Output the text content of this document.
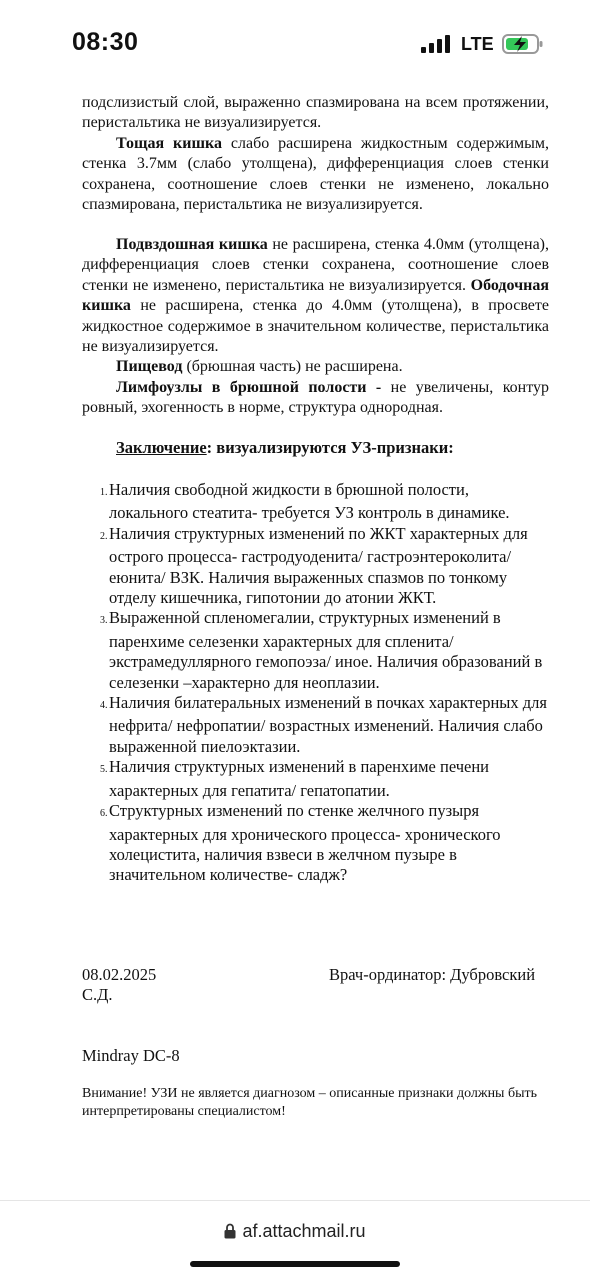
08:30	LTE

подслизистый слой, выраженно спазмирована на всем протяжении, перистальтика не визуализируется.

Тощая кишка слабо расширена жидкостным содержимым, стенка 3.7мм (слабо утолщена), дифференциация слоев стенки сохранена, соотношение слоев стенки не изменено, локально спазмирована, перистальтика не визуализируется.

Подвздошная кишка не расширена, стенка 4.0мм (утолщена), дифференциация слоев стенки сохранена, соотношение слоев стенки не изменено, перистальтика не визуализируется. Ободочная кишка не расширена, стенка до 4.0мм (утолщена), в просвете жидкостное содержимое в значительном количестве, перистальтика не визуализируется.

Пищевод (брюшная часть) не расширена.

Лимфоузлы в брюшной полости - не увеличены, контур ровный, эхогенность в норме, структура однородная.

Заключение: визуализируются УЗ-признаки:
1.Наличия свободной жидкости в брюшной полости, локального стеатита- требуется УЗ контроль в динамике.
2.Наличия структурных изменений по ЖКТ характерных для острого процесса- гастродуоденита/ гастроэнтероколита/ еюнита/ ВЗК. Наличия выраженных спазмов по тонкому отделу кишечника, гипотонии до атонии ЖКТ.
3.Выраженной спленомегалии, структурных изменений в паренхиме селезенки характерных для спленита/ экстрамедуллярного гемопоэза/ иное. Наличия образований в селезенки –характерно для неоплазии.
4.Наличия билатеральных изменений в почках характерных для нефрита/ нефропатии/ возрастных изменений. Наличия слабо выраженной пиелоэктазии.
5.Наличия структурных изменений в паренхиме печени характерных для гепатита/ гепатопатии.
6.Структурных изменений по стенке желчного пузыря характерных для хронического процесса- хронического холецистита, наличия взвеси в желчном пузыре в значительном количестве- сладж?
08.02.2025
С.Д.
Врач-ординатор: Дубровский
Mindray DC-8
Внимание! УЗИ не является диагнозом – описанные признаки должны быть интерпретированы специалистом!
af.attachmail.ru
